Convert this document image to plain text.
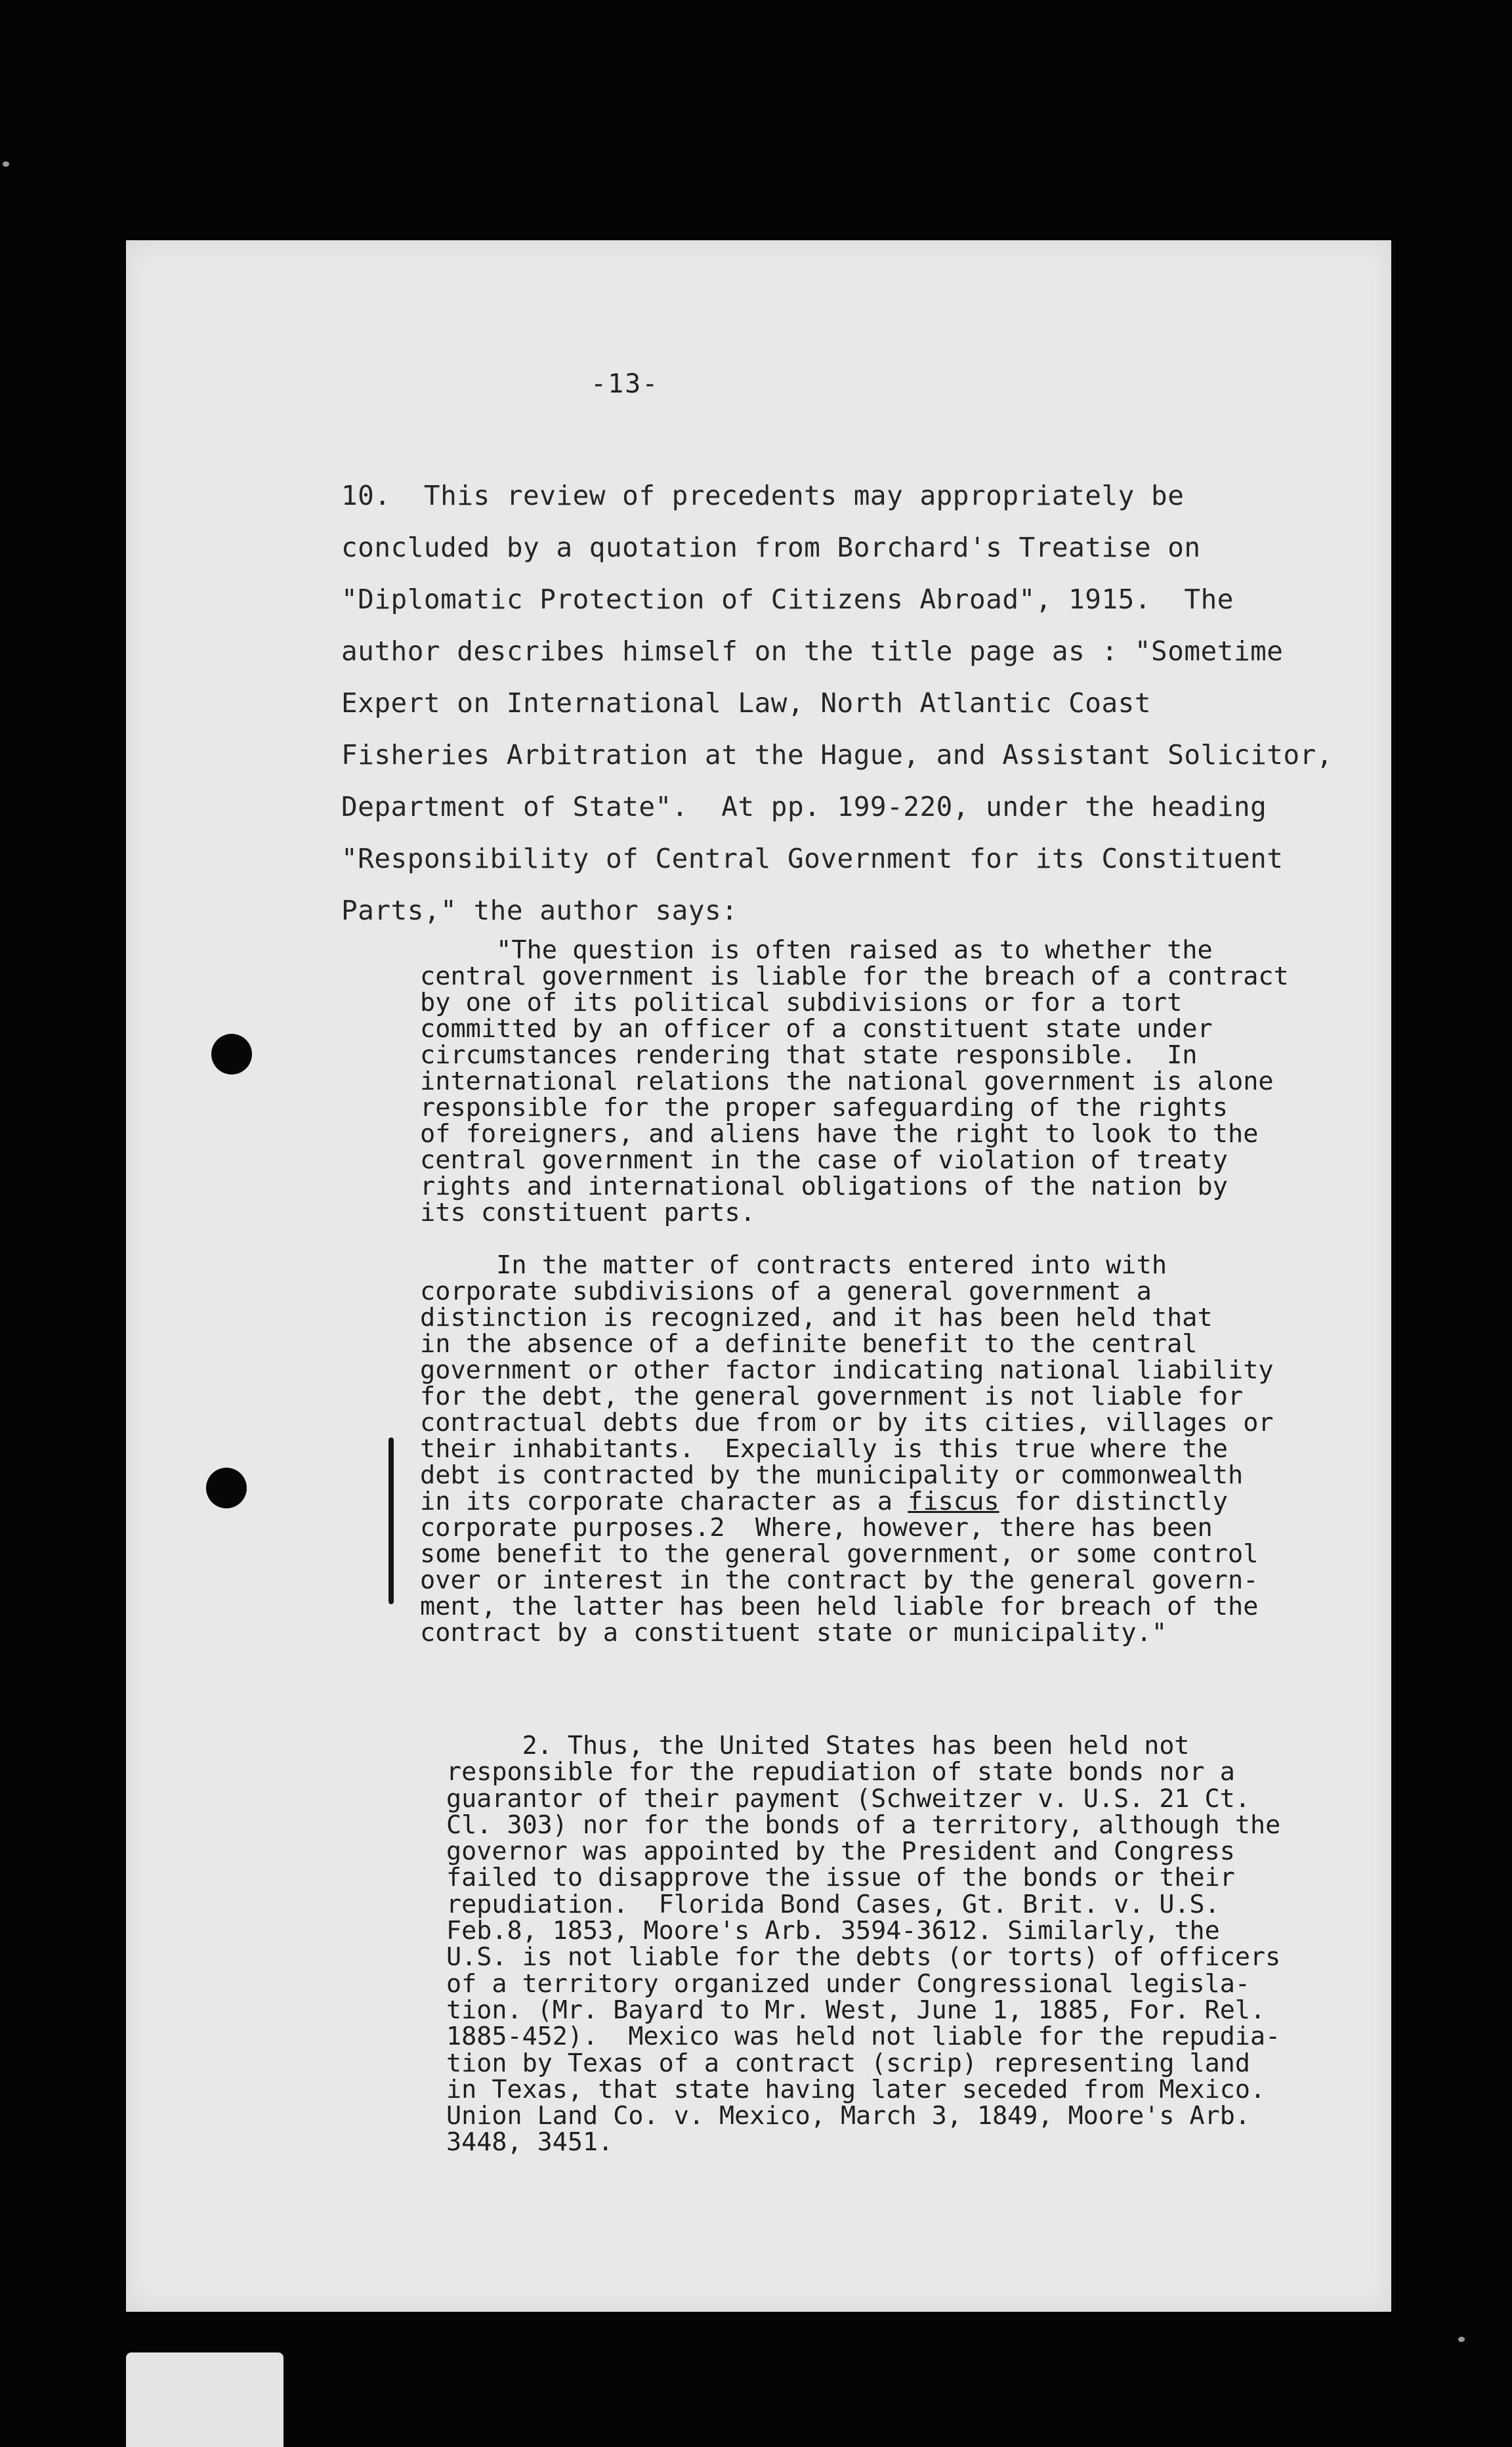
-13-

10.  This review of precedents may appropriately be
concluded by a quotation from Borchard's Treatise on
"Diplomatic Protection of Citizens Abroad", 1915.  The
author describes himself on the title page as : "Sometime
Expert on International Law, North Atlantic Coast
Fisheries Arbitration at the Hague, and Assistant Solicitor,
Department of State".  At pp. 199-220, under the heading
"Responsibility of Central Government for its Constituent
Parts," the author says:

"The question is often raised as to whether the
central government is liable for the breach of a contract
by one of its political subdivisions or for a tort
committed by an officer of a constituent state under
circumstances rendering that state responsible.  In
international relations the national government is alone
responsible for the proper safeguarding of the rights
of foreigners, and aliens have the right to look to the
central government in the case of violation of treaty
rights and international obligations of the nation by
its constituent parts.

In the matter of contracts entered into with
corporate subdivisions of a general government a
distinction is recognized, and it has been held that
in the absence of a definite benefit to the central
government or other factor indicating national liability
for the debt, the general government is not liable for
contractual debts due from or by its cities, villages or
their inhabitants.  Expecially is this true where the
debt is contracted by the municipality or commonwealth
in its corporate character as a fiscus for distinctly
corporate purposes.2  Where, however, there has been
some benefit to the general government, or some control
over or interest in the contract by the general govern-
ment, the latter has been held liable for breach of the
contract by a constituent state or municipality."

2. Thus, the United States has been held not
responsible for the repudiation of state bonds nor a
guarantor of their payment (Schweitzer v. U.S. 21 Ct.
Cl. 303) nor for the bonds of a territory, although the
governor was appointed by the President and Congress
failed to disapprove the issue of the bonds or their
repudiation.  Florida Bond Cases, Gt. Brit. v. U.S.
Feb.8, 1853, Moore's Arb. 3594-3612. Similarly, the
U.S. is not liable for the debts (or torts) of officers
of a territory organized under Congressional legisla-
tion. (Mr. Bayard to Mr. West, June 1, 1885, For. Rel.
1885-452).  Mexico was held not liable for the repudia-
tion by Texas of a contract (scrip) representing land
in Texas, that state having later seceded from Mexico.
Union Land Co. v. Mexico, March 3, 1849, Moore's Arb.
3448, 3451.
